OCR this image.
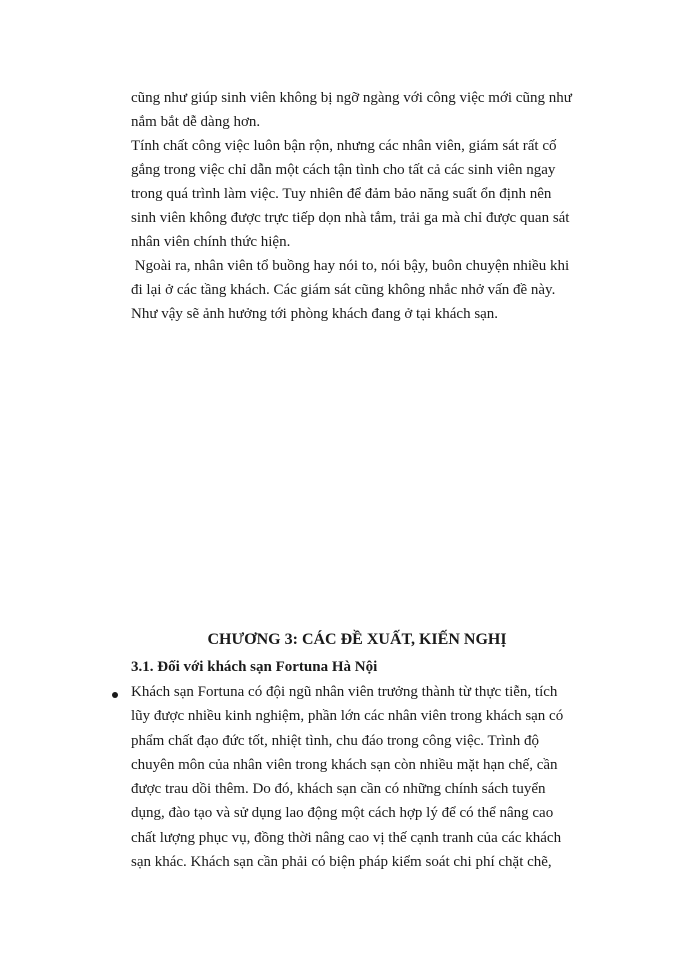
cũng như giúp sinh viên không bị ngỡ ngàng với công việc mới cũng như
nắm bắt dễ dàng hơn.
Tính chất công việc luôn bận rộn, nhưng các nhân viên, giám sát rất cố
gắng trong việc chỉ dẫn một cách tận tình cho tất cả các sinh viên ngay
trong quá trình làm việc. Tuy nhiên để đảm bảo năng suất ổn định nên
sinh viên không được trực tiếp dọn nhà tắm, trải ga mà chỉ được quan sát
nhân viên chính thức hiện.
Ngoài ra, nhân viên tổ buồng hay nói to, nói bậy, buôn chuyện nhiều khi
đi lại ở các tầng khách. Các giám sát cũng không nhắc nhở vấn đề này.
Như vậy sẽ ảnh hưởng tới phòng khách đang ở tại khách sạn.
CHƯƠNG 3: CÁC ĐỀ XUẤT, KIẾN NGHỊ
3.1. Đối với khách sạn Fortuna Hà Nội
Khách sạn Fortuna có đội ngũ nhân viên trưởng thành từ thực tiễn, tích
lũy được nhiều kinh nghiệm, phần lớn các nhân viên trong khách sạn có
phẩm chất đạo đức tốt, nhiệt tình, chu đáo trong công việc. Trình độ
chuyên môn của nhân viên trong khách sạn còn nhiều mặt hạn chế, cần
được trau dồi thêm. Do đó, khách sạn cần có những chính sách tuyển
dụng, đào tạo và sử dụng lao động một cách hợp lý để có thể nâng cao
chất lượng phục vụ, đồng thời nâng cao vị thế cạnh tranh của các khách
sạn khác. Khách sạn cần phải có biện pháp kiểm soát chi phí chặt chẽ,
